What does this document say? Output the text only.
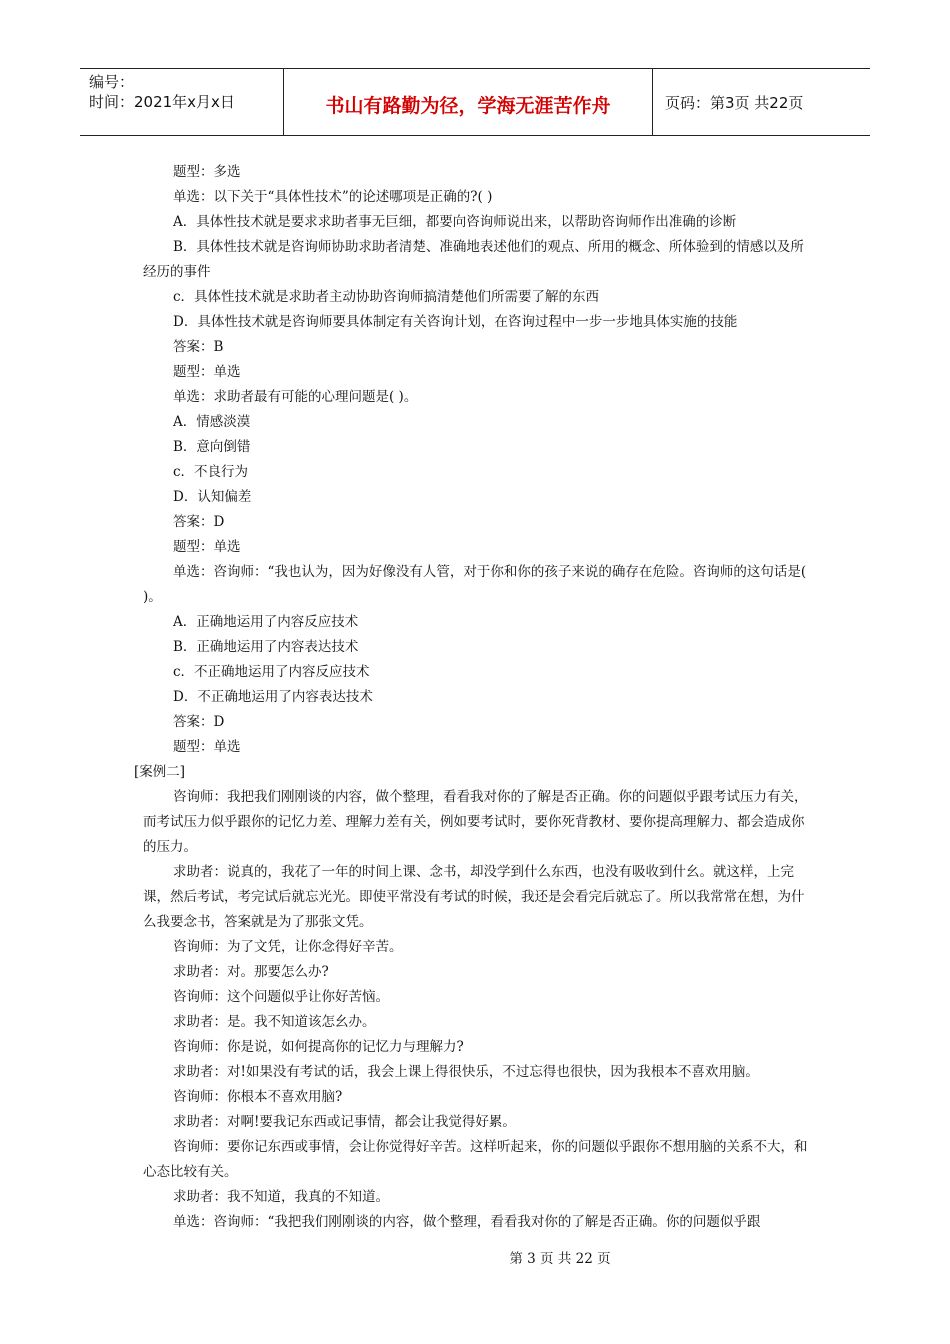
编号：
时间：2021年x月x日	书山有路勤为径，学海无涯苦作舟	页码：第3页 共22页

题型：多选

单选：以下关于“具体性技术”的论述哪项是正确的?( )

A．具体性技术就是要求求助者事无巨细，都要向咨询师说出来，以帮助咨询师作出准确的诊断

B．具体性技术就是咨询师协助求助者清楚、准确地表述他们的观点、所用的概念、所体验到的情感以及所经历的事件

c．具体性技术就是求助者主动协助咨询师搞清楚他们所需要了解的东西

D．具体性技术就是咨询师要具体制定有关咨询计划，在咨询过程中一步一步地具体实施的技能

答案：B

题型：单选

单选：求助者最有可能的心理问题是( )。

A．情感淡漠

B．意向倒错

c．不良行为

D．认知偏差

答案：D

题型：单选

单选：咨询师：“我也认为，因为好像没有人管，对于你和你的孩子来说的确存在危险。咨询师的这句话是( )。

A．正确地运用了内容反应技术

B．正确地运用了内容表达技术

c．不正确地运用了内容反应技术

D．不正确地运用了内容表达技术

答案：D

题型：单选

[案例二]

咨询师：我把我们刚刚谈的内容，做个整理，看看我对你的了解是否正确。你的问题似乎跟考试压力有关，而考试压力似乎跟你的记忆力差、理解力差有关，例如要考试时，要你死背教材、要你提高理解力、都会造成你的压力。

求助者：说真的，我花了一年的时间上课、念书，却没学到什么东西，也没有吸收到什幺。就这样，上完课，然后考试，考完试后就忘光光。即使平常没有考试的时候，我还是会看完后就忘了。所以我常常在想，为什么我要念书，答案就是为了那张文凭。

咨询师：为了文凭，让你念得好辛苦。

求助者：对。那要怎么办?

咨询师：这个问题似乎让你好苦恼。

求助者：是。我不知道该怎幺办。

咨询师：你是说，如何提高你的记忆力与理解力?

求助者：对!如果没有考试的话，我会上课上得很快乐，不过忘得也很快，因为我根本不喜欢用脑。

咨询师：你根本不喜欢用脑?

求助者：对啊!要我记东西或记事情，都会让我觉得好累。

咨询师：要你记东西或事情，会让你觉得好辛苦。这样听起来，你的问题似乎跟你不想用脑的关系不大，和心态比较有关。

求助者：我不知道，我真的不知道。

单选：咨询师：“我把我们刚刚谈的内容，做个整理，看看我对你的了解是否正确。你的问题似乎跟

第 3 页 共 22 页
